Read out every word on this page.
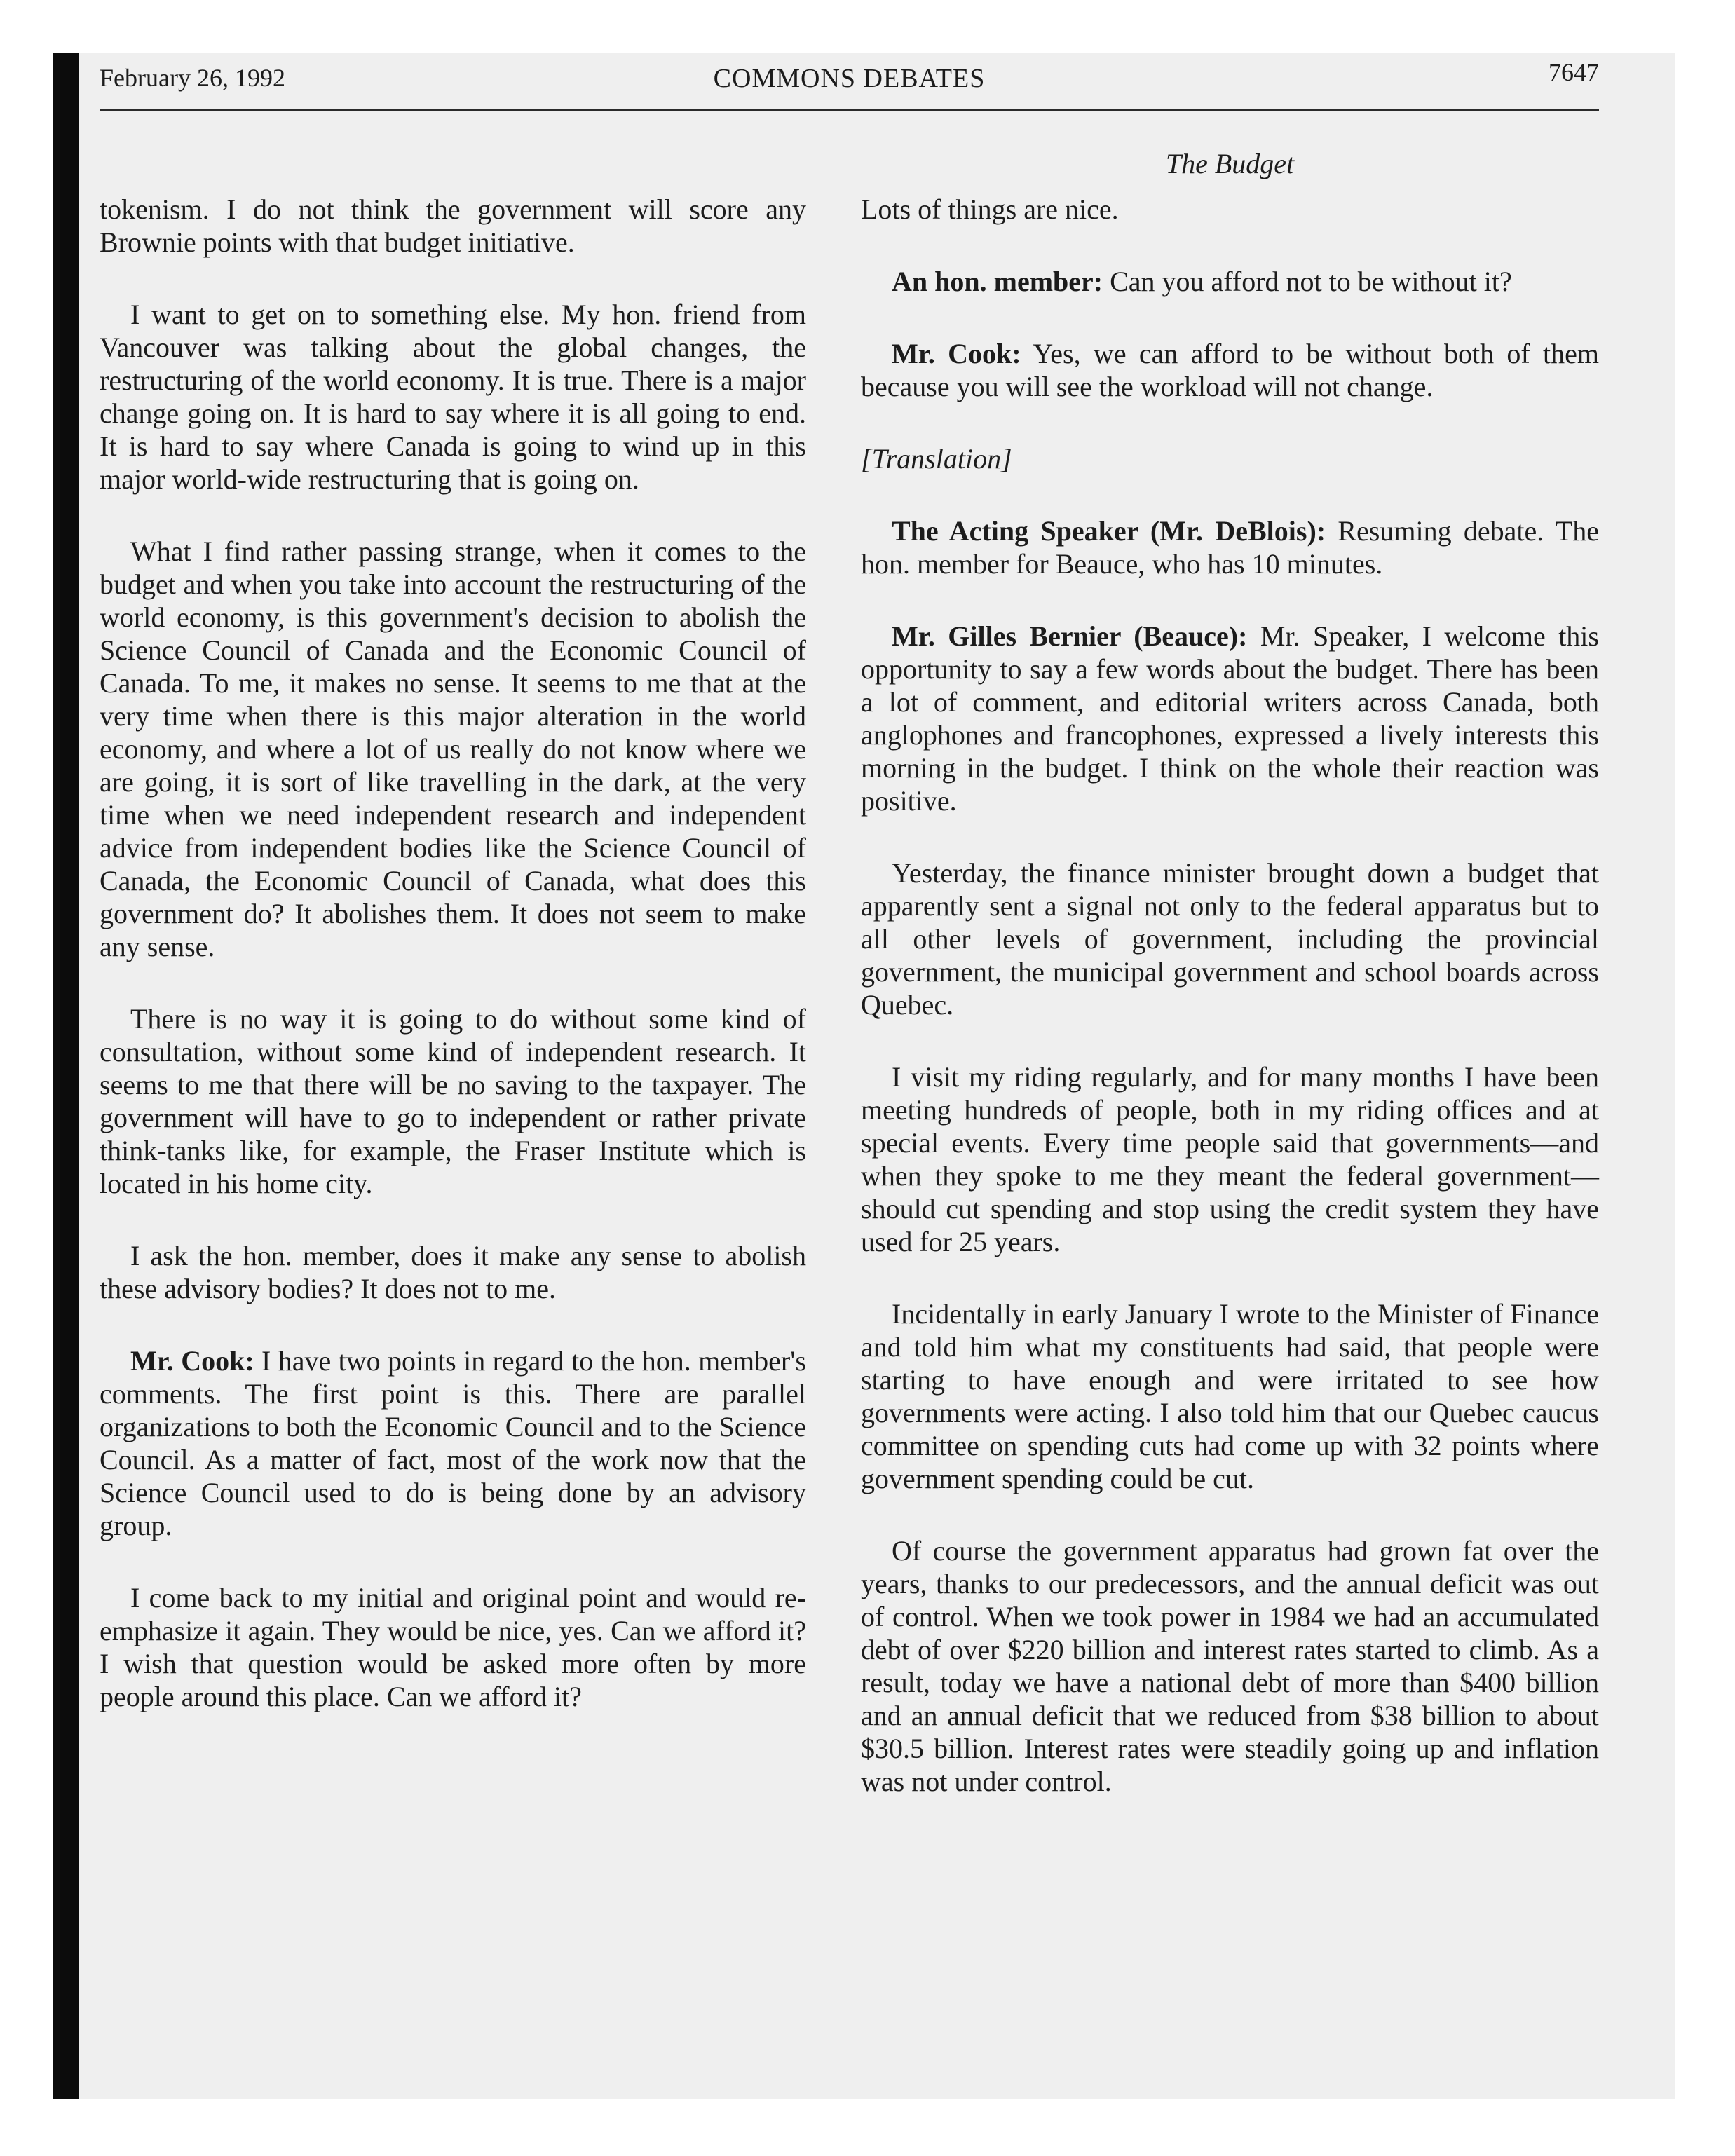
February 26, 1992	COMMONS DEBATES	7647
The Budget

tokenism. I do not think the government will score any Brownie points with that budget initiative.

I want to get on to something else. My hon. friend from Vancouver was talking about the global changes, the restructuring of the world economy. It is true. There is a major change going on. It is hard to say where it is all going to end. It is hard to say where Canada is going to wind up in this major world-wide restructuring that is going on.

What I find rather passing strange, when it comes to the budget and when you take into account the restructuring of the world economy, is this government's decision to abolish the Science Council of Canada and the Economic Council of Canada. To me, it makes no sense. It seems to me that at the very time when there is this major alteration in the world economy, and where a lot of us really do not know where we are going, it is sort of like travelling in the dark, at the very time when we need independent research and independent advice from independent bodies like the Science Council of Canada, the Economic Council of Canada, what does this government do? It abolishes them. It does not seem to make any sense.

There is no way it is going to do without some kind of consultation, without some kind of independent research. It seems to me that there will be no saving to the taxpayer. The government will have to go to independent or rather private think-tanks like, for example, the Fraser Institute which is located in his home city.

I ask the hon. member, does it make any sense to abolish these advisory bodies? It does not to me.

Mr. Cook: I have two points in regard to the hon. member's comments. The first point is this. There are parallel organizations to both the Economic Council and to the Science Council. As a matter of fact, most of the work now that the Science Council used to do is being done by an advisory group.

I come back to my initial and original point and would re-emphasize it again. They would be nice, yes. Can we afford it? I wish that question would be asked more often by more people around this place. Can we afford it?

Lots of things are nice.

An hon. member: Can you afford not to be without it?

Mr. Cook: Yes, we can afford to be without both of them because you will see the workload will not change.

[Translation]

The Acting Speaker (Mr. DeBlois): Resuming debate. The hon. member for Beauce, who has 10 minutes.

Mr. Gilles Bernier (Beauce): Mr. Speaker, I welcome this opportunity to say a few words about the budget. There has been a lot of comment, and editorial writers across Canada, both anglophones and francophones, expressed a lively interests this morning in the budget. I think on the whole their reaction was positive.

Yesterday, the finance minister brought down a budget that apparently sent a signal not only to the federal apparatus but to all other levels of government, including the provincial government, the municipal government and school boards across Quebec.

I visit my riding regularly, and for many months I have been meeting hundreds of people, both in my riding offices and at special events. Every time people said that governments—and when they spoke to me they meant the federal government—should cut spending and stop using the credit system they have used for 25 years.

Incidentally in early January I wrote to the Minister of Finance and told him what my constituents had said, that people were starting to have enough and were irritated to see how governments were acting. I also told him that our Quebec caucus committee on spending cuts had come up with 32 points where government spending could be cut.

Of course the government apparatus had grown fat over the years, thanks to our predecessors, and the annual deficit was out of control. When we took power in 1984 we had an accumulated debt of over $220 billion and interest rates started to climb. As a result, today we have a national debt of more than $400 billion and an annual deficit that we reduced from $38 billion to about $30.5 billion. Interest rates were steadily going up and inflation was not under control.
